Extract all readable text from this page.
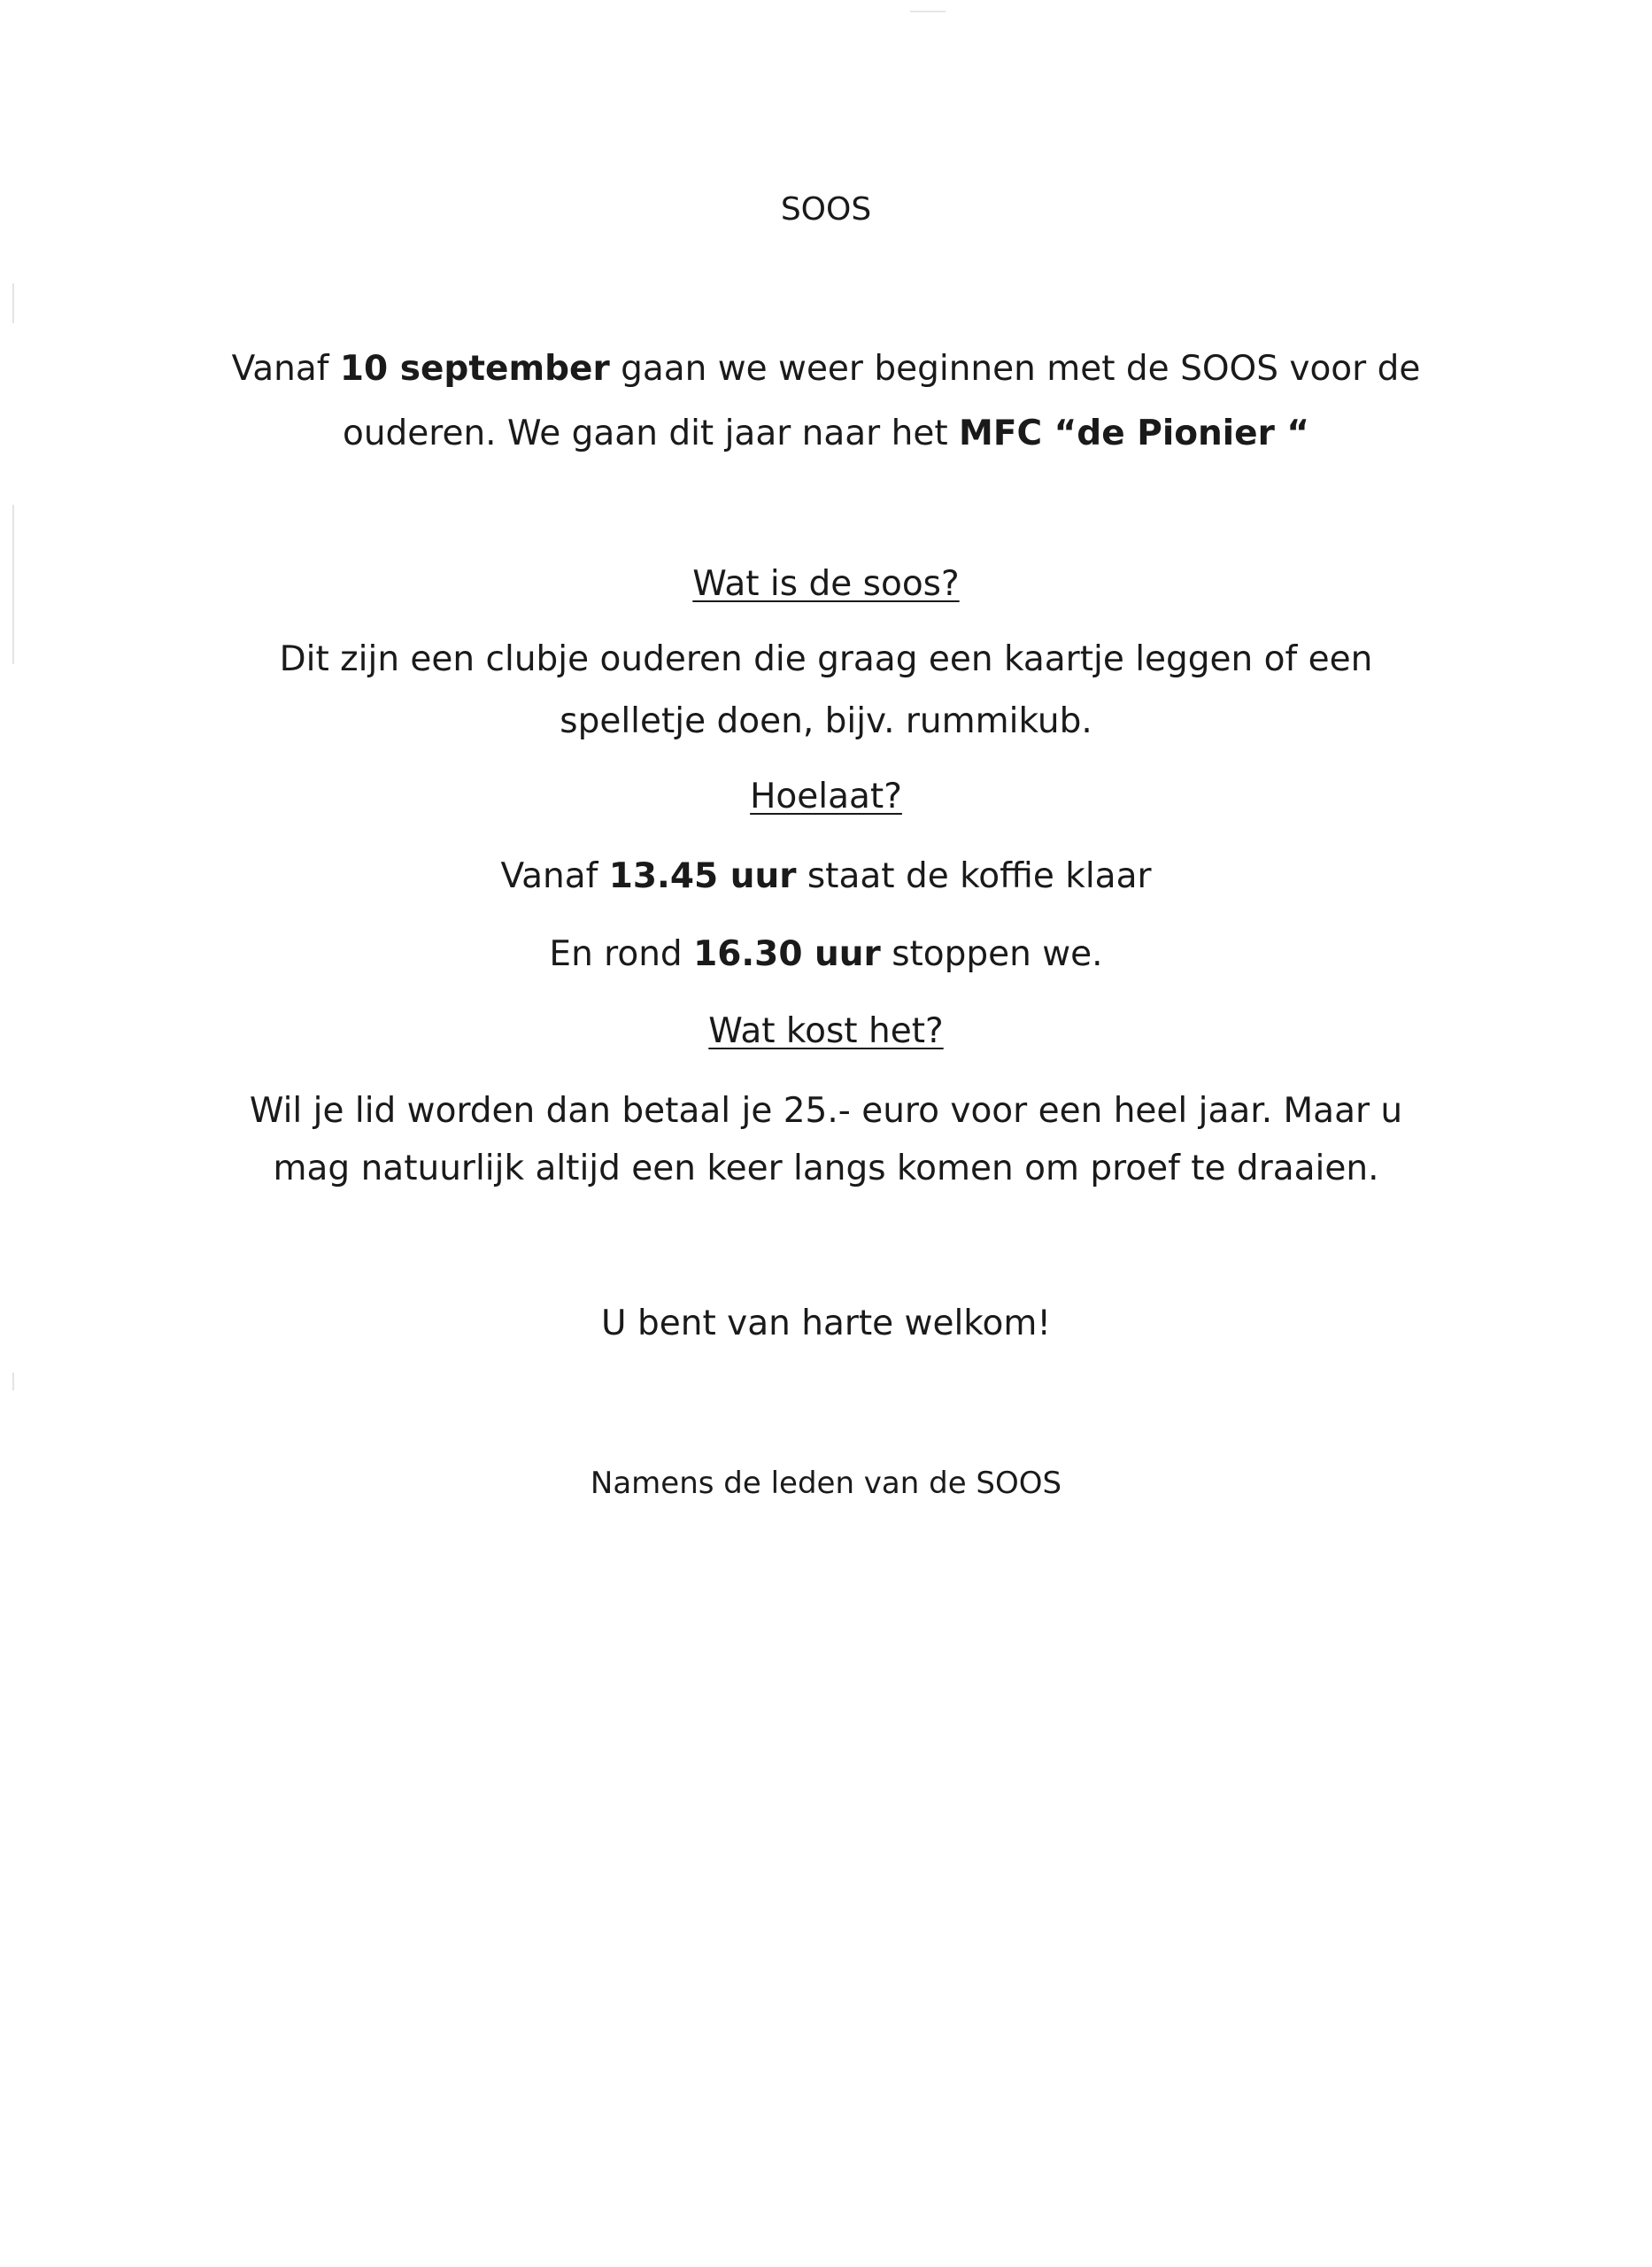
SOOS
Vanaf 10 september gaan we weer beginnen met de SOOS voor de
ouderen. We gaan dit jaar naar het MFC “de Pionier “
Wat is de soos?
Dit zijn een clubje ouderen die graag een kaartje leggen of een
spelletje doen, bijv. rummikub.
Hoelaat?
Vanaf 13.45 uur staat de koffie klaar
En rond 16.30 uur stoppen we.
Wat kost het?
Wil je lid worden dan betaal je 25.- euro voor een heel jaar. Maar u
mag natuurlijk altijd een keer langs komen om proef te draaien.
U bent van harte welkom!
Namens de leden van de SOOS
